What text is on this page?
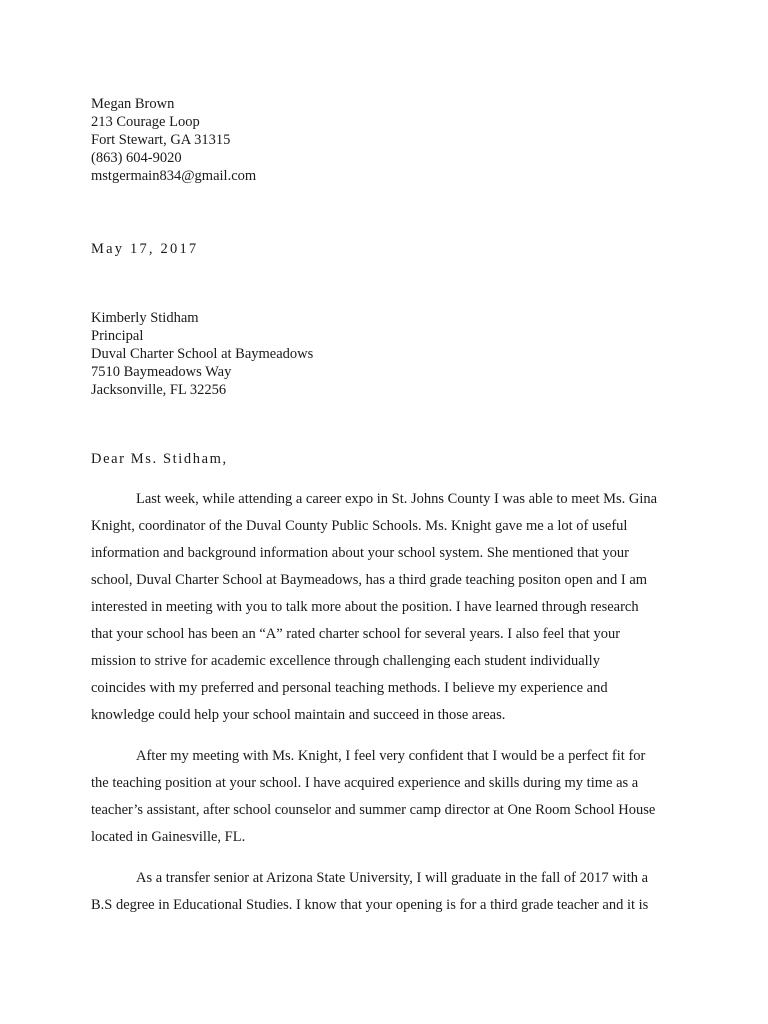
Megan Brown
213 Courage Loop
Fort Stewart, GA 31315
(863) 604-9020
mstgermain834@gmail.com
May 17, 2017
Kimberly Stidham
Principal
Duval Charter School at Baymeadows
7510 Baymeadows Way
Jacksonville, FL 32256
Dear Ms. Stidham,
Last week, while attending a career expo in St. Johns County I was able to meet Ms. Gina
Knight, coordinator of the Duval County Public Schools. Ms. Knight gave me a lot of useful
information and background information about your school system. She mentioned that your
school, Duval Charter School at Baymeadows, has a third grade teaching positon open and I am
interested in meeting with you to talk more about the position. I have learned through research
that your school has been an “A” rated charter school for several years. I also feel that your
mission to strive for academic excellence through challenging each student individually
coincides with my preferred and personal teaching methods. I believe my experience and
knowledge could help your school maintain and succeed in those areas.
After my meeting with Ms. Knight, I feel very confident that I would be a perfect fit for
the teaching position at your school. I have acquired experience and skills during my time as a
teacher’s assistant, after school counselor and summer camp director at One Room School House
located in Gainesville, FL.
As a transfer senior at Arizona State University, I will graduate in the fall of 2017 with a
B.S degree in Educational Studies. I know that your opening is for a third grade teacher and it is
